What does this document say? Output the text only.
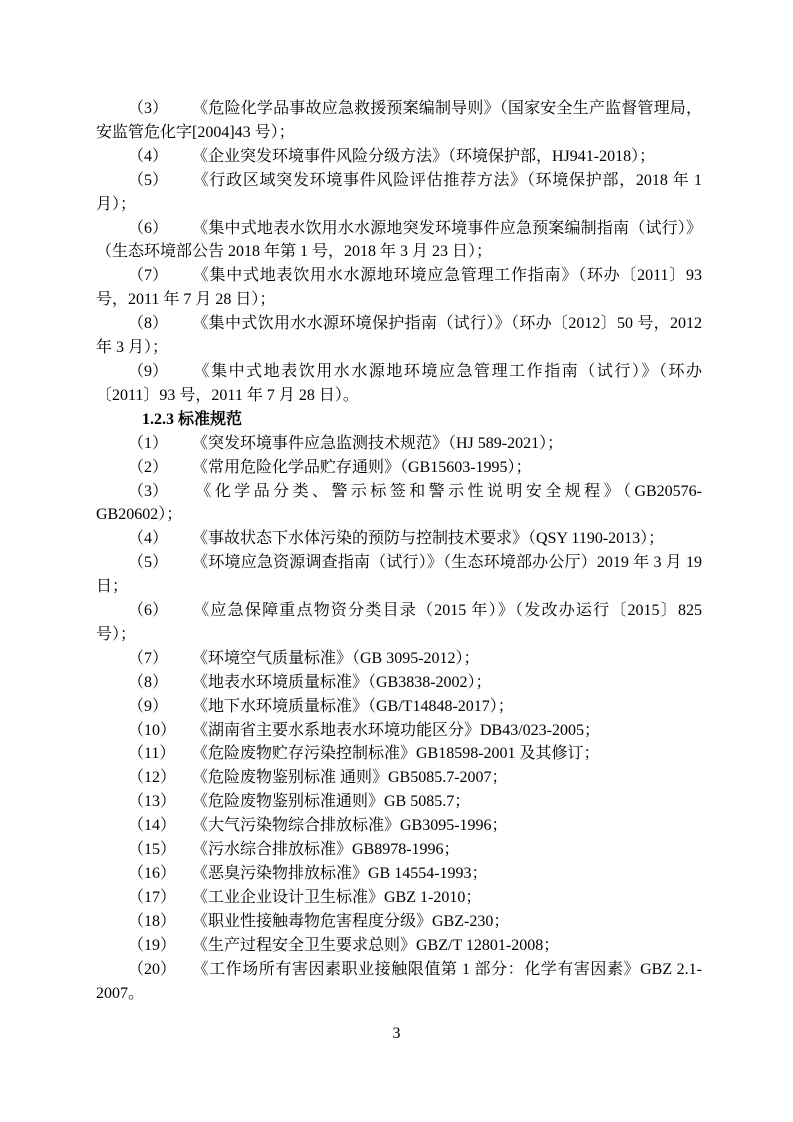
（3） 《危险化学品事故应急救援预案编制导则》（国家安全生产监督管理局，安监管危化字[2004]43 号）；

（4） 《企业突发环境事件风险分级方法》（环境保护部，HJ941-2018）；

（5） 《行政区域突发环境事件风险评估推荐方法》（环境保护部，2018 年 1 月）；

（6） 《集中式地表水饮用水水源地突发环境事件应急预案编制指南（试行）》（生态环境部公告 2018 年第 1 号，2018 年 3 月 23 日）；

（7） 《集中式地表饮用水水源地环境应急管理工作指南》（环办〔2011〕93 号，2011 年 7 月 28 日）；

（8） 《集中式饮用水水源环境保护指南（试行）》（环办〔2012〕50 号，2012 年 3 月）；

（9） 《集中式地表饮用水水源地环境应急管理工作指南（试行）》（环办〔2011〕93 号，2011 年 7 月 28 日）。

1.2.3 标准规范

（1） 《突发环境事件应急监测技术规范》（HJ 589-2021）；

（2） 《常用危险化学品贮存通则》（GB15603-1995）；

（3） 《化学品分类、警示标签和警示性说明安全规程》（GB20576-GB20602）；

（4） 《事故状态下水体污染的预防与控制技术要求》（QSY 1190-2013）；

（5） 《环境应急资源调查指南（试行）》（生态环境部办公厅）2019 年 3 月 19 日；

（6） 《应急保障重点物资分类目录（2015 年）》（发改办运行〔2015〕825 号）；

（7） 《环境空气质量标准》（GB 3095-2012）；

（8） 《地表水环境质量标准》（GB3838-2002）；

（9） 《地下水环境质量标准》（GB/T14848-2017）；

（10） 《湖南省主要水系地表水环境功能区分》DB43/023-2005；

（11） 《危险废物贮存污染控制标准》GB18598-2001 及其修订；

（12） 《危险废物鉴别标准 通则》GB5085.7-2007；

（13） 《危险废物鉴别标准通则》GB 5085.7；

（14） 《大气污染物综合排放标准》GB3095-1996；

（15） 《污水综合排放标准》GB8978-1996；

（16） 《恶臭污染物排放标准》GB 14554-1993；

（17） 《工业企业设计卫生标准》GBZ 1-2010；

（18） 《职业性接触毒物危害程度分级》GBZ-230；

（19） 《生产过程安全卫生要求总则》GBZ/T 12801-2008；

（20） 《工作场所有害因素职业接触限值第 1 部分：化学有害因素》GBZ 2.1-2007。

3
